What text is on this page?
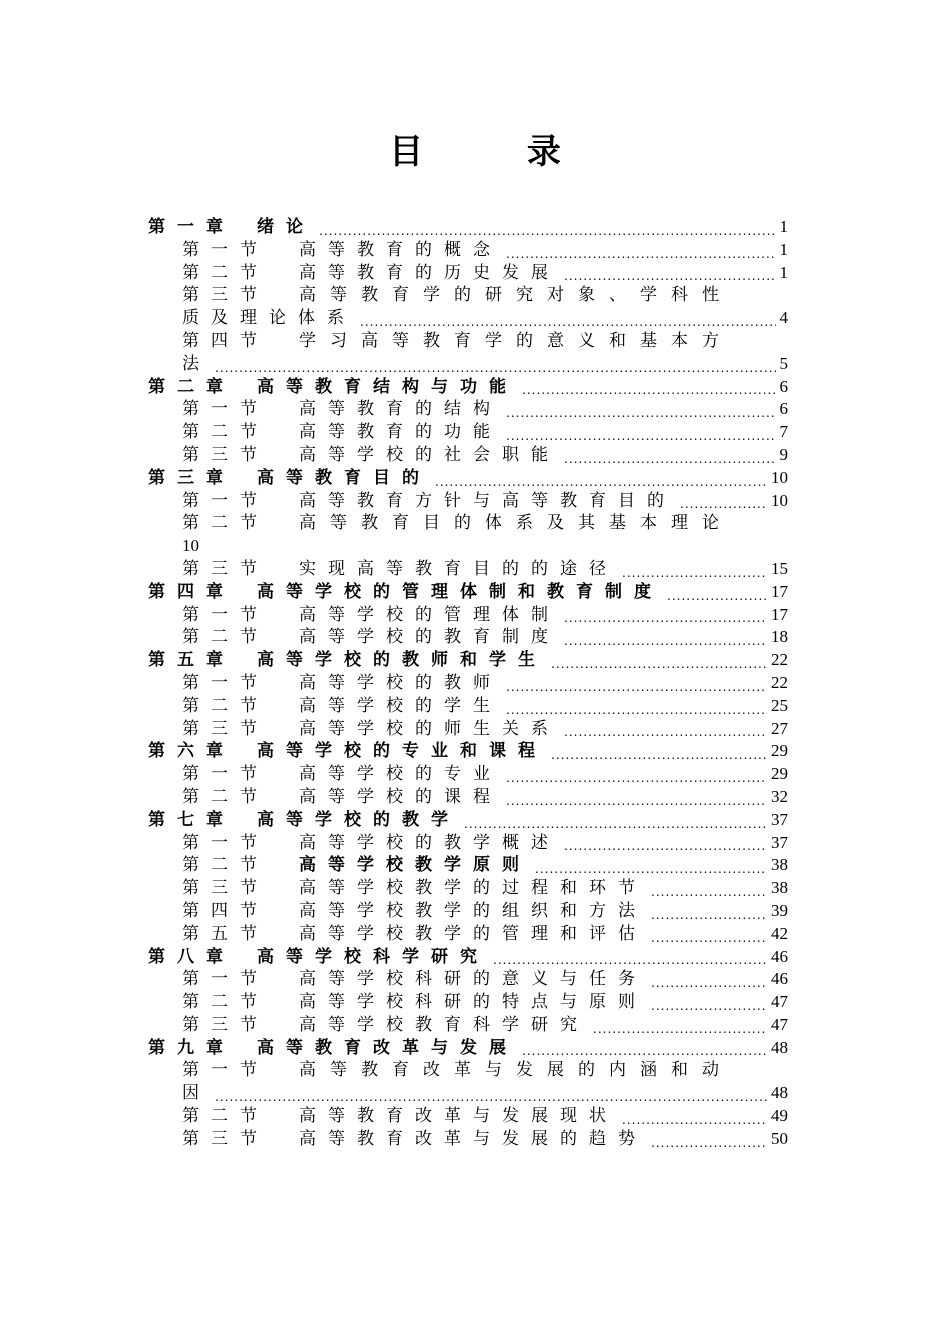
目 录
第一章 绪论 .....	1
第一节 高等教育的概念 .....	1
第二节 高等教育的历史发展 .....	1
第三节 高等教育学的研究对象、学科性
质及理论体系 .....	4
第四节 学习高等教育学的意义和基本方
法 .....	5
第二章 高等教育结构与功能 .....	6
第一节 高等教育的结构 .....	6
第二节 高等教育的功能 .....	7
第三节 高等学校的社会职能 .....	9
第三章 高等教育目的 .....	10
第一节 高等教育方针与高等教育目的 .....	10
第二节 高等教育目的体系及其基本理论
10
第三节 实现高等教育目的的途径 .....	15
第四章 高等学校的管理体制和教育制度 .....	17
第一节 高等学校的管理体制 .....	17
第二节 高等学校的教育制度 .....	18
第五章 高等学校的教师和学生 .....	22
第一节 高等学校的教师 .....	22
第二节 高等学校的学生 .....	25
第三节 高等学校的师生关系 .....	27
第六章 高等学校的专业和课程 .....	29
第一节 高等学校的专业 .....	29
第二节 高等学校的课程 .....	32
第七章 高等学校的教学 .....	37
第一节 高等学校的教学概述 .....	37
第二节 高等学校教学原则 .....	38
第三节 高等学校教学的过程和环节 .....	38
第四节 高等学校教学的组织和方法 .....	39
第五节 高等学校教学的管理和评估 .....	42
第八章 高等学校科学研究 .....	46
第一节 高等学校科研的意义与任务 .....	46
第二节 高等学校科研的特点与原则 .....	47
第三节 高等学校教育科学研究 .....	47
第九章 高等教育改革与发展 .....	48
第一节 高等教育改革与发展的内涵和动
因 .....	48
第二节 高等教育改革与发展现状 .....	49
第三节 高等教育改革与发展的趋势 .....	50
